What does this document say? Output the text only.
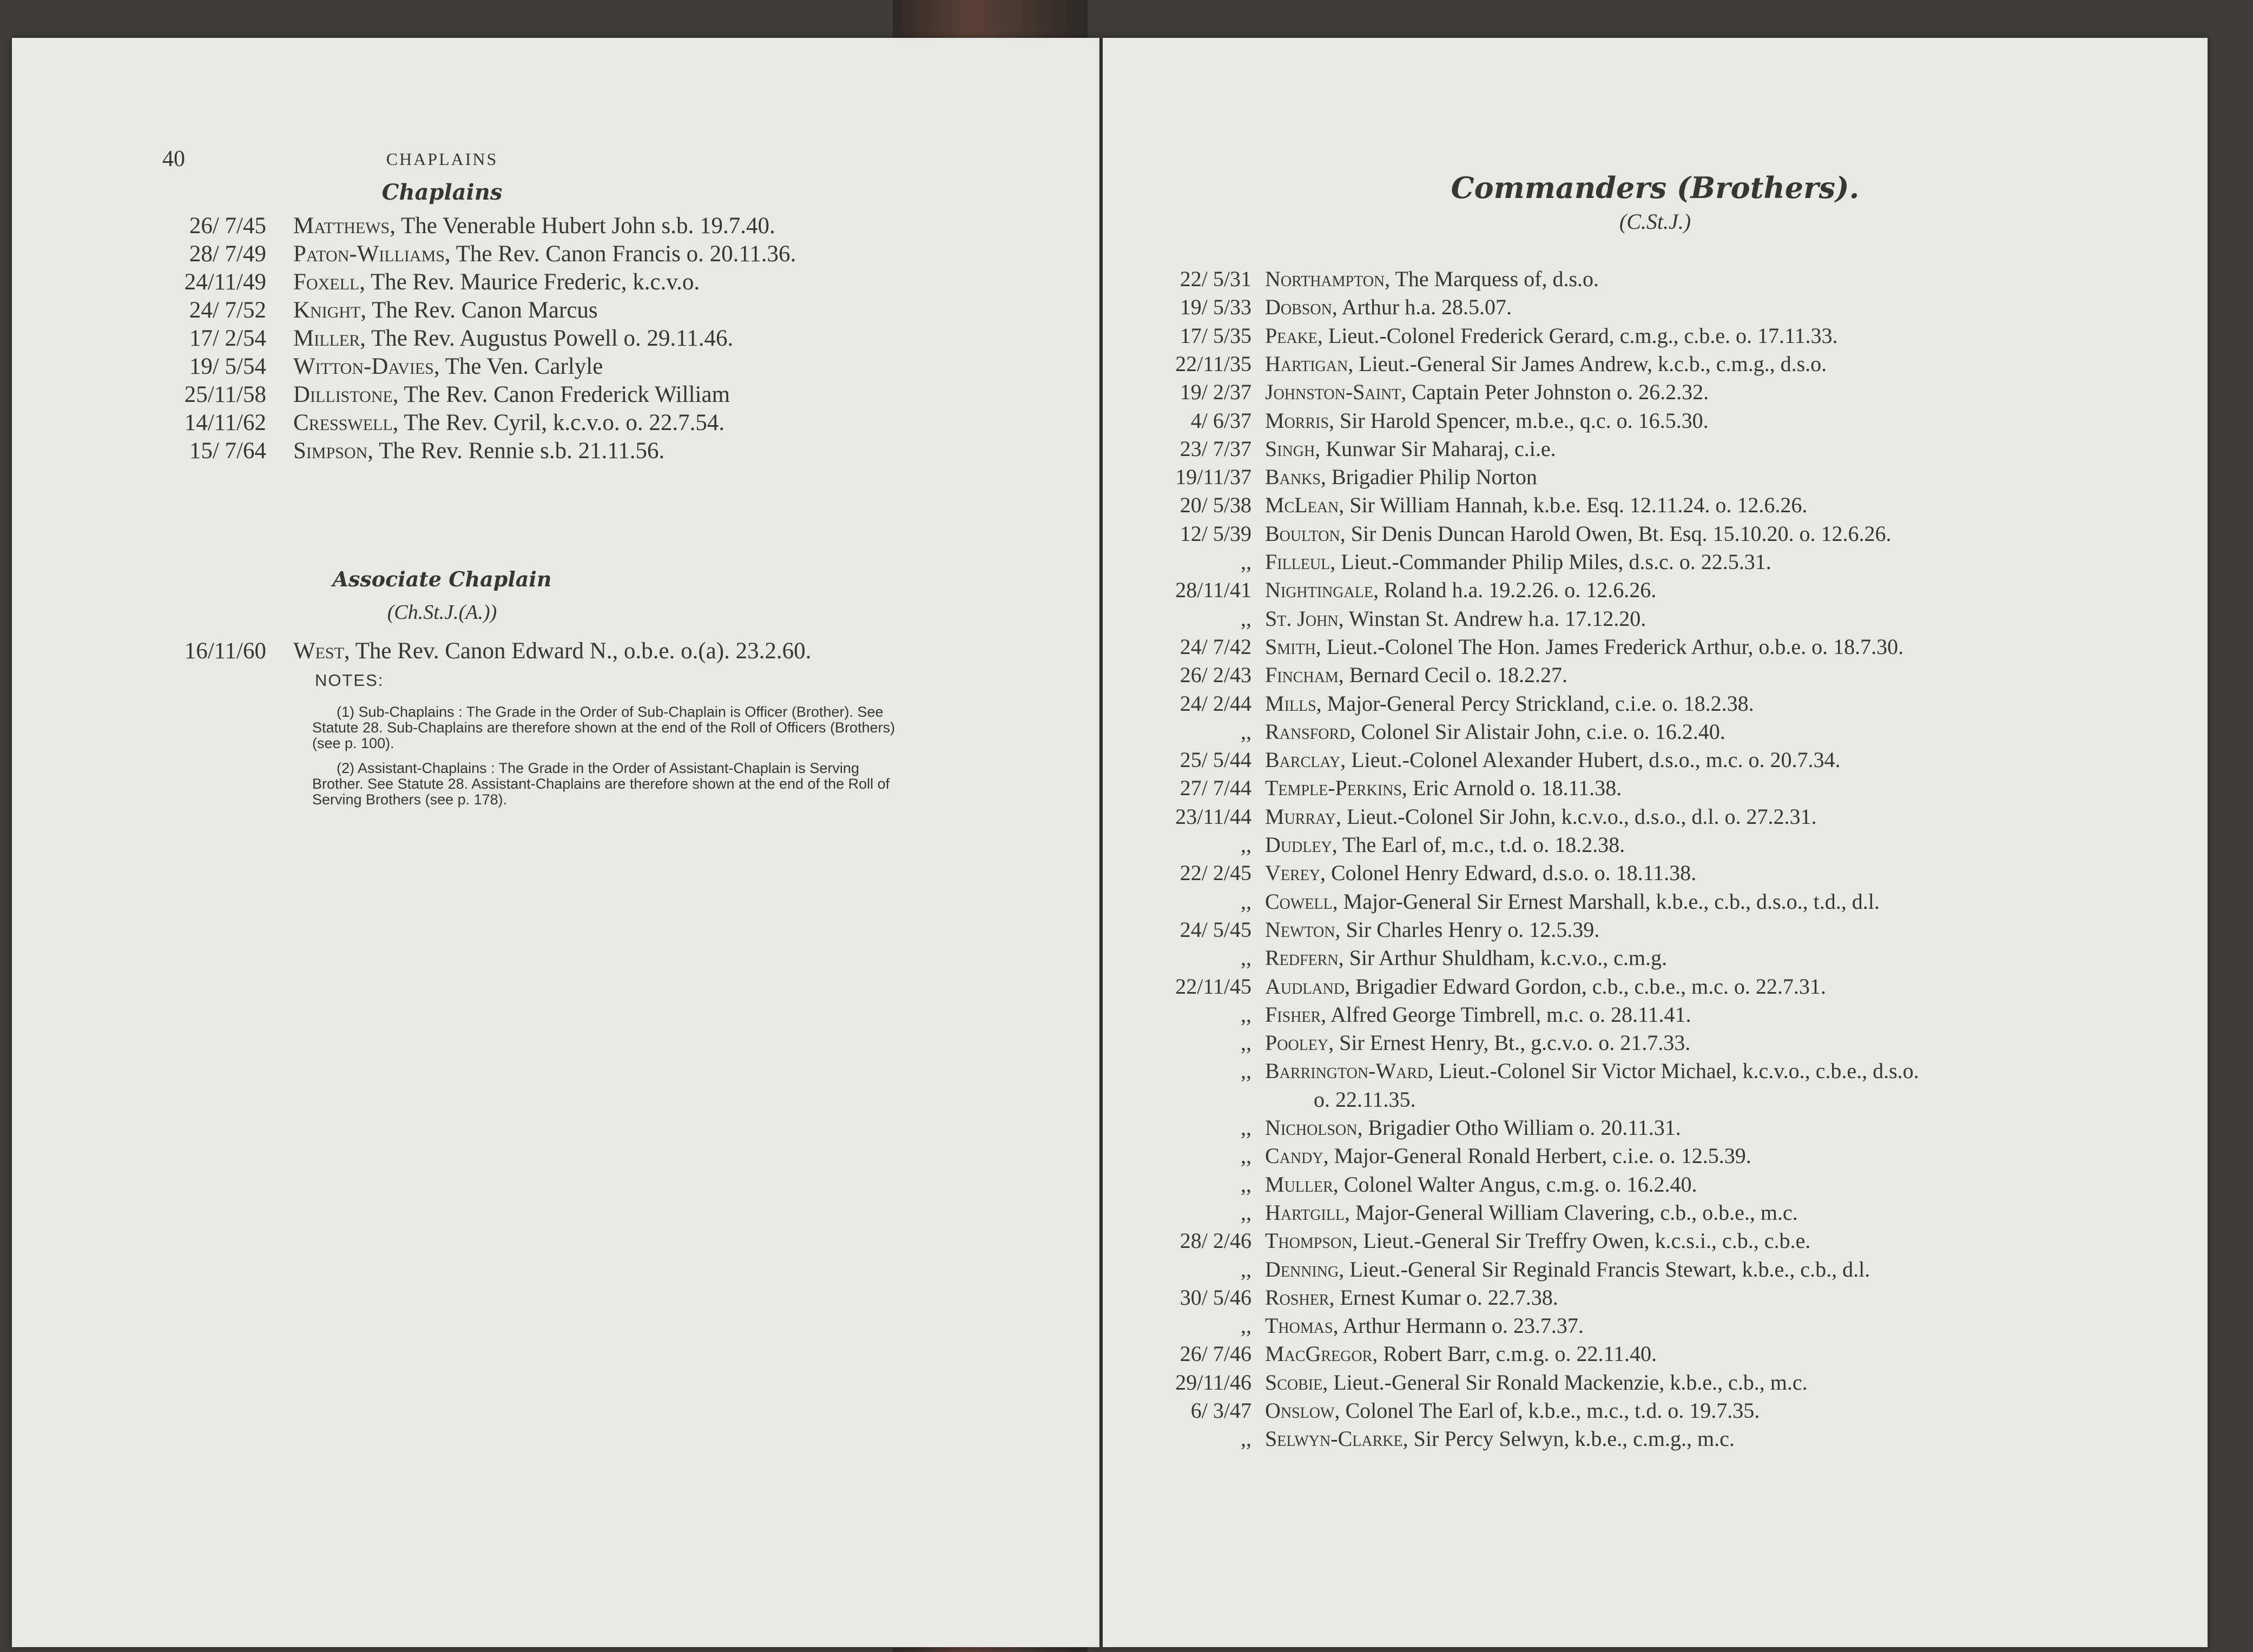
40	CHAPLAINS
Chaplains
26/ 7/45 Matthews, The Venerable Hubert John s.b. 19.7.40.
28/ 7/49 Paton-Williams, The Rev. Canon Francis o. 20.11.36.
24/11/49 Foxell, The Rev. Maurice Frederic, k.c.v.o.
24/ 7/52 Knight, The Rev. Canon Marcus
17/ 2/54 Miller, The Rev. Augustus Powell o. 29.11.46.
19/ 5/54 Witton-Davies, The Ven. Carlyle
25/11/58 Dillistone, The Rev. Canon Frederick William
14/11/62 Cresswell, The Rev. Cyril, k.c.v.o. o. 22.7.54.
15/ 7/64 Simpson, The Rev. Rennie s.b. 21.11.56.
Associate Chaplain
(Ch.St.J.(A.))
16/11/60 West, The Rev. Canon Edward N., o.b.e. o.(a). 23.2.60.
NOTES:
(1) Sub-Chaplains : The Grade in the Order of Sub-Chaplain is Officer (Brother). See
Statute 28. Sub-Chaplains are therefore shown at the end of the Roll of Officers (Brothers)
(see p. 100).
(2) Assistant-Chaplains : The Grade in the Order of Assistant-Chaplain is Serving
Brother. See Statute 28. Assistant-Chaplains are therefore shown at the end of the Roll of
Serving Brothers (see p. 178).
Commanders (Brothers).
(C.St.J.)
22/ 5/31 Northampton, The Marquess of, d.s.o.
19/ 5/33 Dobson, Arthur h.a. 28.5.07.
17/ 5/35 Peake, Lieut.-Colonel Frederick Gerard, c.m.g., c.b.e. o. 17.11.33.
22/11/35 Hartigan, Lieut.-General Sir James Andrew, k.c.b., c.m.g., d.s.o.
19/ 2/37 Johnston-Saint, Captain Peter Johnston o. 26.2.32.
4/ 6/37 Morris, Sir Harold Spencer, m.b.e., q.c. o. 16.5.30.
23/ 7/37 Singh, Kunwar Sir Maharaj, c.i.e.
19/11/37 Banks, Brigadier Philip Norton
20/ 5/38 McLean, Sir William Hannah, k.b.e. Esq. 12.11.24. o. 12.6.26.
12/ 5/39 Boulton, Sir Denis Duncan Harold Owen, Bt. Esq. 15.10.20. o. 12.6.26.
,, Filleul, Lieut.-Commander Philip Miles, d.s.c. o. 22.5.31.
28/11/41 Nightingale, Roland h.a. 19.2.26. o. 12.6.26.
,, St. John, Winstan St. Andrew h.a. 17.12.20.
24/ 7/42 Smith, Lieut.-Colonel The Hon. James Frederick Arthur, o.b.e. o. 18.7.30.
26/ 2/43 Fincham, Bernard Cecil o. 18.2.27.
24/ 2/44 Mills, Major-General Percy Strickland, c.i.e. o. 18.2.38.
,, Ransford, Colonel Sir Alistair John, c.i.e. o. 16.2.40.
25/ 5/44 Barclay, Lieut.-Colonel Alexander Hubert, d.s.o., m.c. o. 20.7.34.
27/ 7/44 Temple-Perkins, Eric Arnold o. 18.11.38.
23/11/44 Murray, Lieut.-Colonel Sir John, k.c.v.o., d.s.o., d.l. o. 27.2.31.
,, Dudley, The Earl of, m.c., t.d. o. 18.2.38.
22/ 2/45 Verey, Colonel Henry Edward, d.s.o. o. 18.11.38.
,, Cowell, Major-General Sir Ernest Marshall, k.b.e., c.b., d.s.o., t.d., d.l.
24/ 5/45 Newton, Sir Charles Henry o. 12.5.39.
,, Redfern, Sir Arthur Shuldham, k.c.v.o., c.m.g.
22/11/45 Audland, Brigadier Edward Gordon, c.b., c.b.e., m.c. o. 22.7.31.
,, Fisher, Alfred George Timbrell, m.c. o. 28.11.41.
,, Pooley, Sir Ernest Henry, Bt., g.c.v.o. o. 21.7.33.
,, Barrington-Ward, Lieut.-Colonel Sir Victor Michael, k.c.v.o., c.b.e., d.s.o.
o. 22.11.35.
,, Nicholson, Brigadier Otho William o. 20.11.31.
,, Candy, Major-General Ronald Herbert, c.i.e. o. 12.5.39.
,, Muller, Colonel Walter Angus, c.m.g. o. 16.2.40.
,, Hartgill, Major-General William Clavering, c.b., o.b.e., m.c.
28/ 2/46 Thompson, Lieut.-General Sir Treffry Owen, k.c.s.i., c.b., c.b.e.
,, Denning, Lieut.-General Sir Reginald Francis Stewart, k.b.e., c.b., d.l.
30/ 5/46 Rosher, Ernest Kumar o. 22.7.38.
,, Thomas, Arthur Hermann o. 23.7.37.
26/ 7/46 MacGregor, Robert Barr, c.m.g. o. 22.11.40.
29/11/46 Scobie, Lieut.-General Sir Ronald Mackenzie, k.b.e., c.b., m.c.
6/ 3/47 Onslow, Colonel The Earl of, k.b.e., m.c., t.d. o. 19.7.35.
,, Selwyn-Clarke, Sir Percy Selwyn, k.b.e., c.m.g., m.c.
